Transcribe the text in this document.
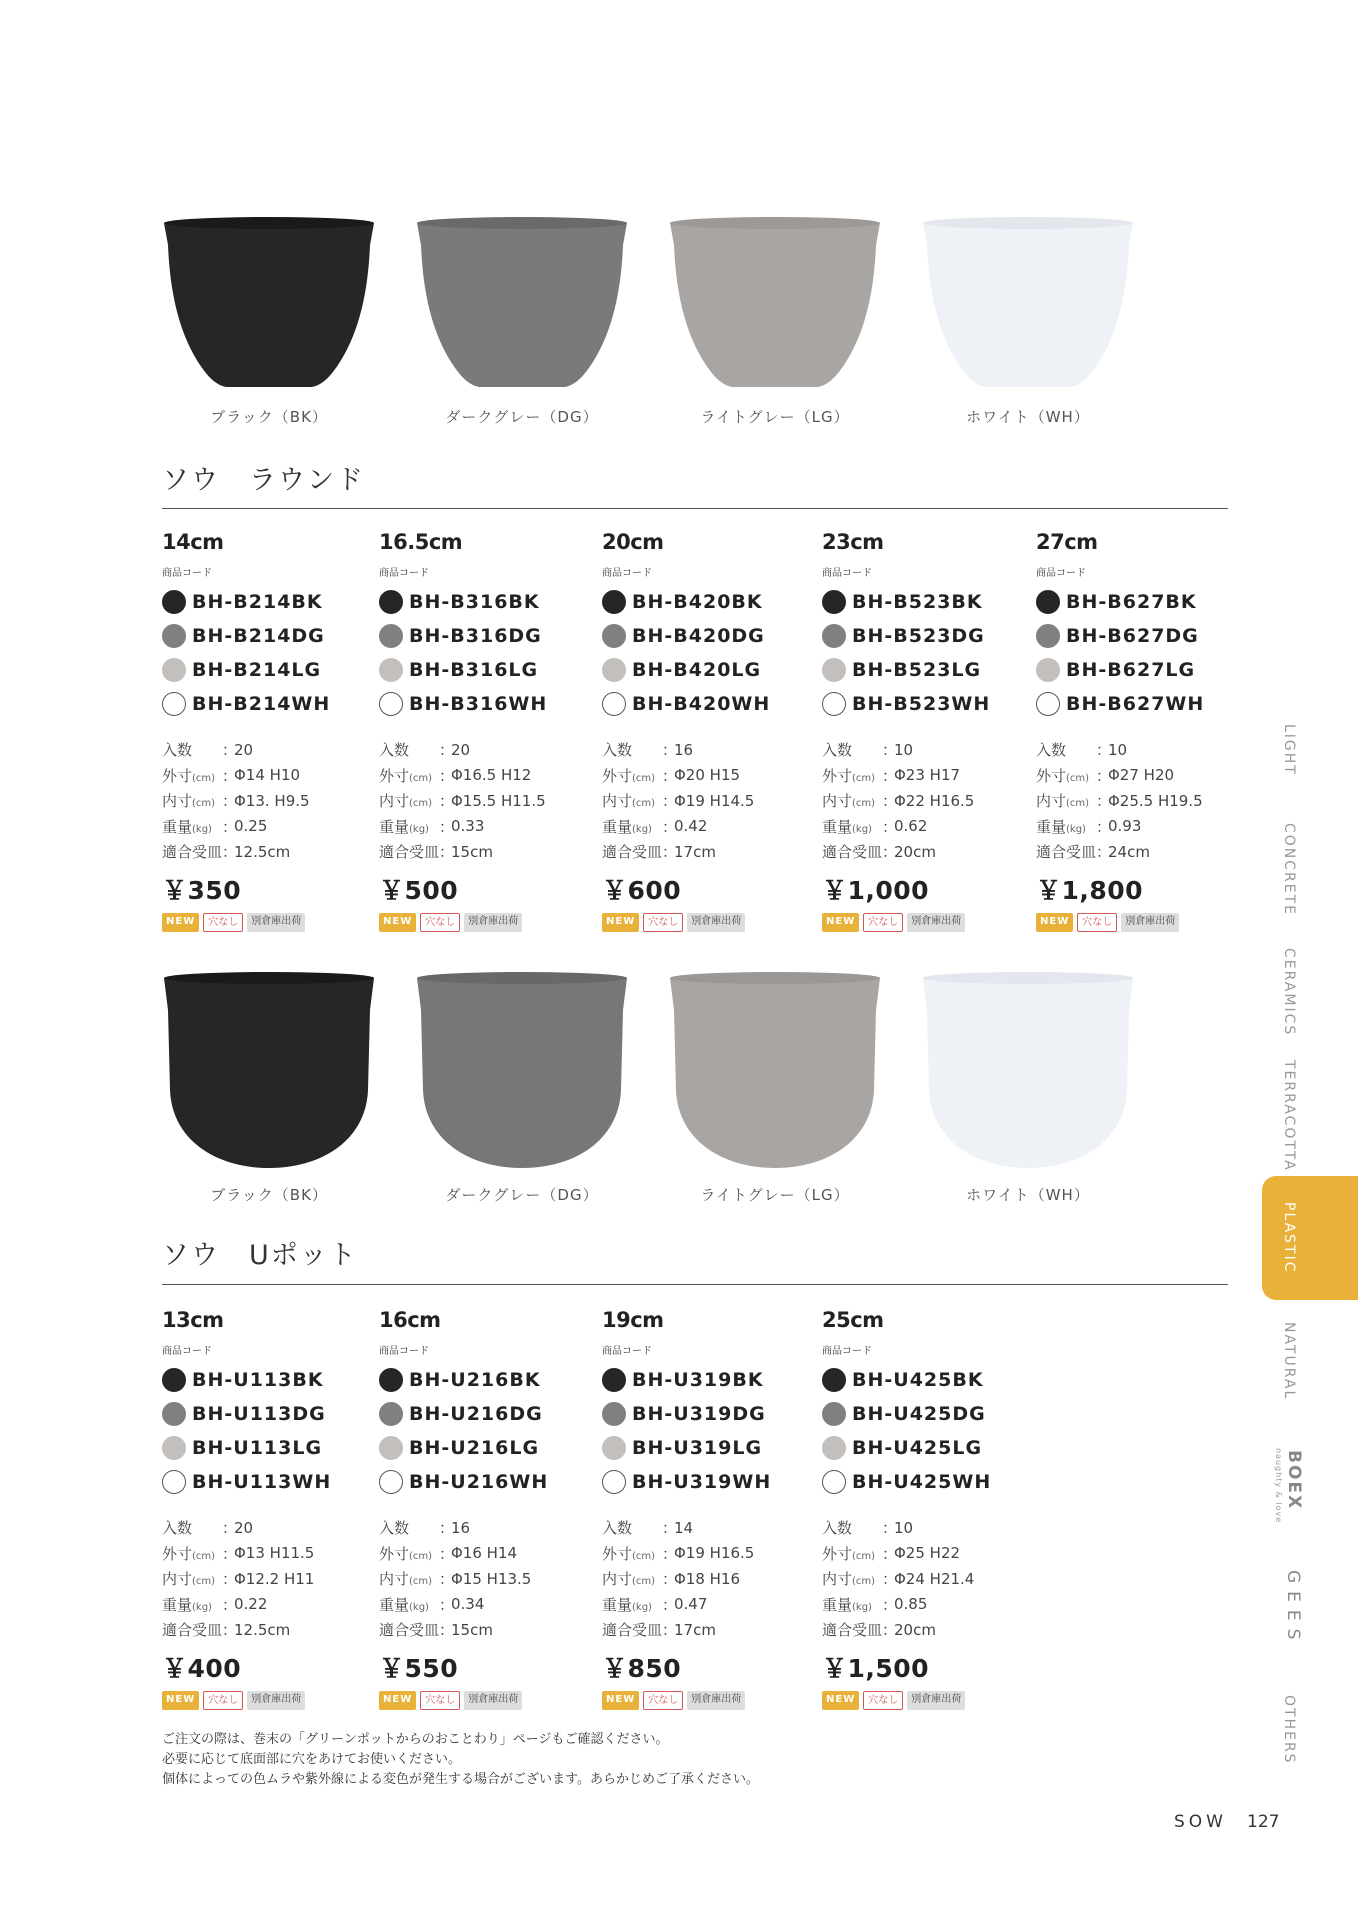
ブラック（BK）	ダークグレー（DG）	ライトグレー（LG）	ホワイト（WH）
ソウ　ラウンド
14cm
商品コード
BH-B214BK
BH-B214DG
BH-B214LG
BH-B214WH
入数	：
20
外寸(cm) ：
Φ14 H10
内寸(cm) ：
Φ13. H9.5
重量(kg) ：
0.25
適合受皿 ：
12.5cm
￥350
NEW	穴なし	別倉庫出荷
16.5cm
商品コード
BH-B316BK
BH-B316DG
BH-B316LG
BH-B316WH
入数	：
20
外寸(cm) ：
Φ16.5 H12
内寸(cm) ：
Φ15.5 H11.5
重量(kg) ：
0.33
適合受皿 ：
15cm
￥500
NEW	穴なし	別倉庫出荷
20cm
商品コード
BH-B420BK
BH-B420DG
BH-B420LG
BH-B420WH
入数	：
16
外寸(cm) ：
Φ20 H15
内寸(cm) ：
Φ19 H14.5
重量(kg) ：
0.42
適合受皿 ：
17cm
￥600
NEW	穴なし	別倉庫出荷
23cm
商品コード
BH-B523BK
BH-B523DG
BH-B523LG
BH-B523WH
入数	：
10
外寸(cm) ：
Φ23 H17
内寸(cm) ：
Φ22 H16.5
重量(kg) ：
0.62
適合受皿 ：
20cm
￥1,000
NEW	穴なし	別倉庫出荷
27cm
商品コード
BH-B627BK
BH-B627DG
BH-B627LG
BH-B627WH
入数	：
10
外寸(cm) ：
Φ27 H20
内寸(cm) ：
Φ25.5 H19.5
重量(kg) ：
0.93
適合受皿 ：
24cm
￥1,800
NEW	穴なし	別倉庫出荷
ブラック（BK）	ダークグレー（DG）	ライトグレー（LG）	ホワイト（WH）
ソウ　Uポット
13cm
商品コード
BH-U113BK
BH-U113DG
BH-U113LG
BH-U113WH
入数	：
20
外寸(cm) ：
Φ13 H11.5
内寸(cm) ：
Φ12.2 H11
重量(kg) ：
0.22
適合受皿 ：
12.5cm
￥400
NEW	穴なし	別倉庫出荷
16cm
商品コード
BH-U216BK
BH-U216DG
BH-U216LG
BH-U216WH
入数	：
16
外寸(cm) ：
Φ16 H14
内寸(cm) ：
Φ15 H13.5
重量(kg) ：
0.34
適合受皿 ：
15cm
￥550
NEW	穴なし	別倉庫出荷
19cm
商品コード
BH-U319BK
BH-U319DG
BH-U319LG
BH-U319WH
入数	：
14
外寸(cm) ：
Φ19 H16.5
内寸(cm) ：
Φ18 H16
重量(kg) ：
0.47
適合受皿 ：
17cm
￥850
NEW	穴なし	別倉庫出荷
25cm
商品コード
BH-U425BK
BH-U425DG
BH-U425LG
BH-U425WH
入数	：
10
外寸(cm) ：
Φ25 H22
内寸(cm) ：
Φ24 H21.4
重量(kg) ：
0.85
適合受皿 ：
20cm
￥1,500
NEW	穴なし	別倉庫出荷
LIGHT
CONCRETE
CERAMICS
TERRACOTTA
PLASTIC
NATURAL
BOEX
naughty & love
GEES
OTHERS
ご注文の際は、巻末の「グリーンポットからのおことわり」ページもご確認ください。
必要に応じて底面部に穴をあけてお使いください。
個体によっての色ムラや紫外線による変色が発生する場合がございます。あらかじめご了承ください。
SOW 127
